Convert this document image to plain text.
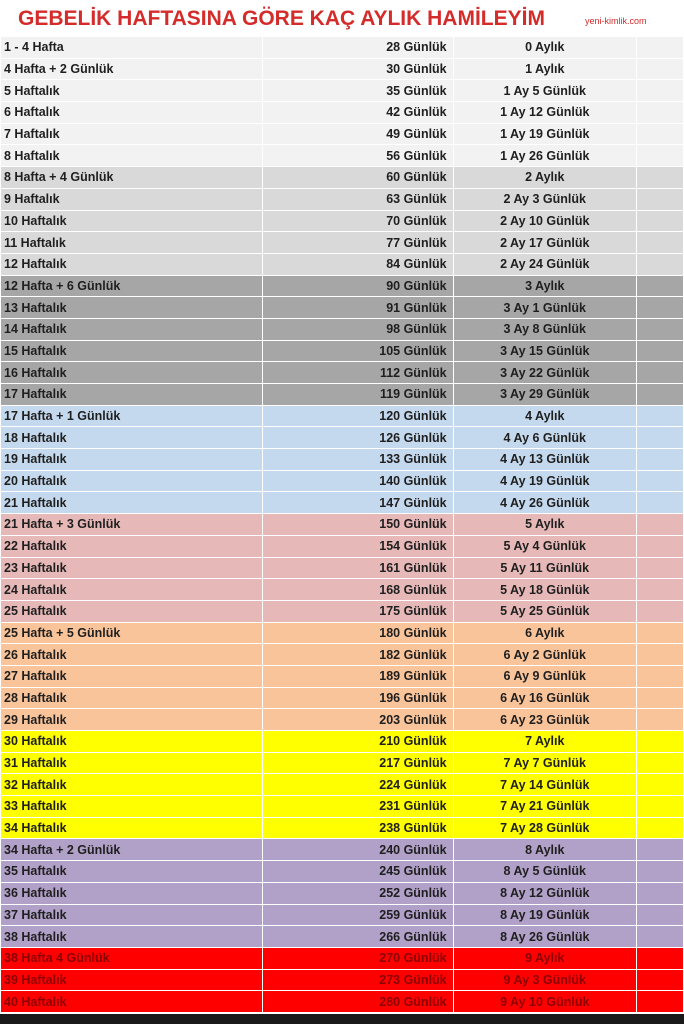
GEBELİK HAFTASINA GÖRE KAÇ AYLIK HAMİLEYİM	yeni-kimlik.com
1 - 4 Hafta	28 Günlük	0 Aylık	
4 Hafta + 2 Günlük	30 Günlük	1 Aylık	
5 Haftalık	35 Günlük	1 Ay 5 Günlük	
6 Haftalık	42 Günlük	1 Ay 12 Günlük	
7 Haftalık	49 Günlük	1 Ay 19 Günlük	
8 Haftalık	56 Günlük	1 Ay 26 Günlük	
8 Hafta + 4 Günlük	60 Günlük	2 Aylık	
9 Haftalık	63 Günlük	2 Ay 3 Günlük	
10 Haftalık	70 Günlük	2 Ay 10 Günlük	
11 Haftalık	77 Günlük	2 Ay 17 Günlük	
12 Haftalık	84 Günlük	2 Ay 24 Günlük	
12 Hafta + 6 Günlük	90 Günlük	3 Aylık	
13 Haftalık	91 Günlük	3 Ay 1 Günlük	
14 Haftalık	98 Günlük	3 Ay 8 Günlük	
15 Haftalık	105 Günlük	3 Ay 15 Günlük	
16 Haftalık	112 Günlük	3 Ay 22 Günlük	
17 Haftalık	119 Günlük	3 Ay 29 Günlük	
17 Hafta + 1 Günlük	120 Günlük	4 Aylık	
18 Haftalık	126 Günlük	4 Ay 6 Günlük	
19 Haftalık	133 Günlük	4 Ay 13 Günlük	
20 Haftalık	140 Günlük	4 Ay 19 Günlük	
21 Haftalık	147 Günlük	4 Ay 26 Günlük	
21 Hafta + 3 Günlük	150 Günlük	5 Aylık	
22 Haftalık	154 Günlük	5 Ay 4 Günlük	
23 Haftalık	161 Günlük	5 Ay 11 Günlük	
24 Haftalık	168 Günlük	5 Ay 18 Günlük	
25 Haftalık	175 Günlük	5 Ay 25 Günlük	
25 Hafta + 5 Günlük	180 Günlük	6 Aylık	
26 Haftalık	182 Günlük	6 Ay 2 Günlük	
27 Haftalık	189 Günlük	6 Ay 9 Günlük	
28 Haftalık	196 Günlük	6 Ay 16 Günlük	
29 Haftalık	203 Günlük	6 Ay 23 Günlük	
30 Haftalık	210 Günlük	7 Aylık	
31 Haftalık	217 Günlük	7 Ay 7 Günlük	
32 Haftalık	224 Günlük	7 Ay 14 Günlük	
33 Haftalık	231 Günlük	7 Ay 21 Günlük	
34 Haftalık	238 Günlük	7 Ay 28 Günlük	
34 Hafta + 2 Günlük	240 Günlük	8 Aylık	
35 Haftalık	245 Günlük	8 Ay 5 Günlük	
36 Haftalık	252 Günlük	8 Ay 12 Günlük	
37 Haftalık	259 Günlük	8 Ay 19 Günlük	
38 Haftalık	266 Günlük	8 Ay 26 Günlük	
38 Hafta 4 Günlük	270 Günlük	9 Aylık	
39 Haftalık	273 Günlük	9 Ay 3 Günlük	
40 Haftalık	280 Günlük	9 Ay 10 Günlük	
